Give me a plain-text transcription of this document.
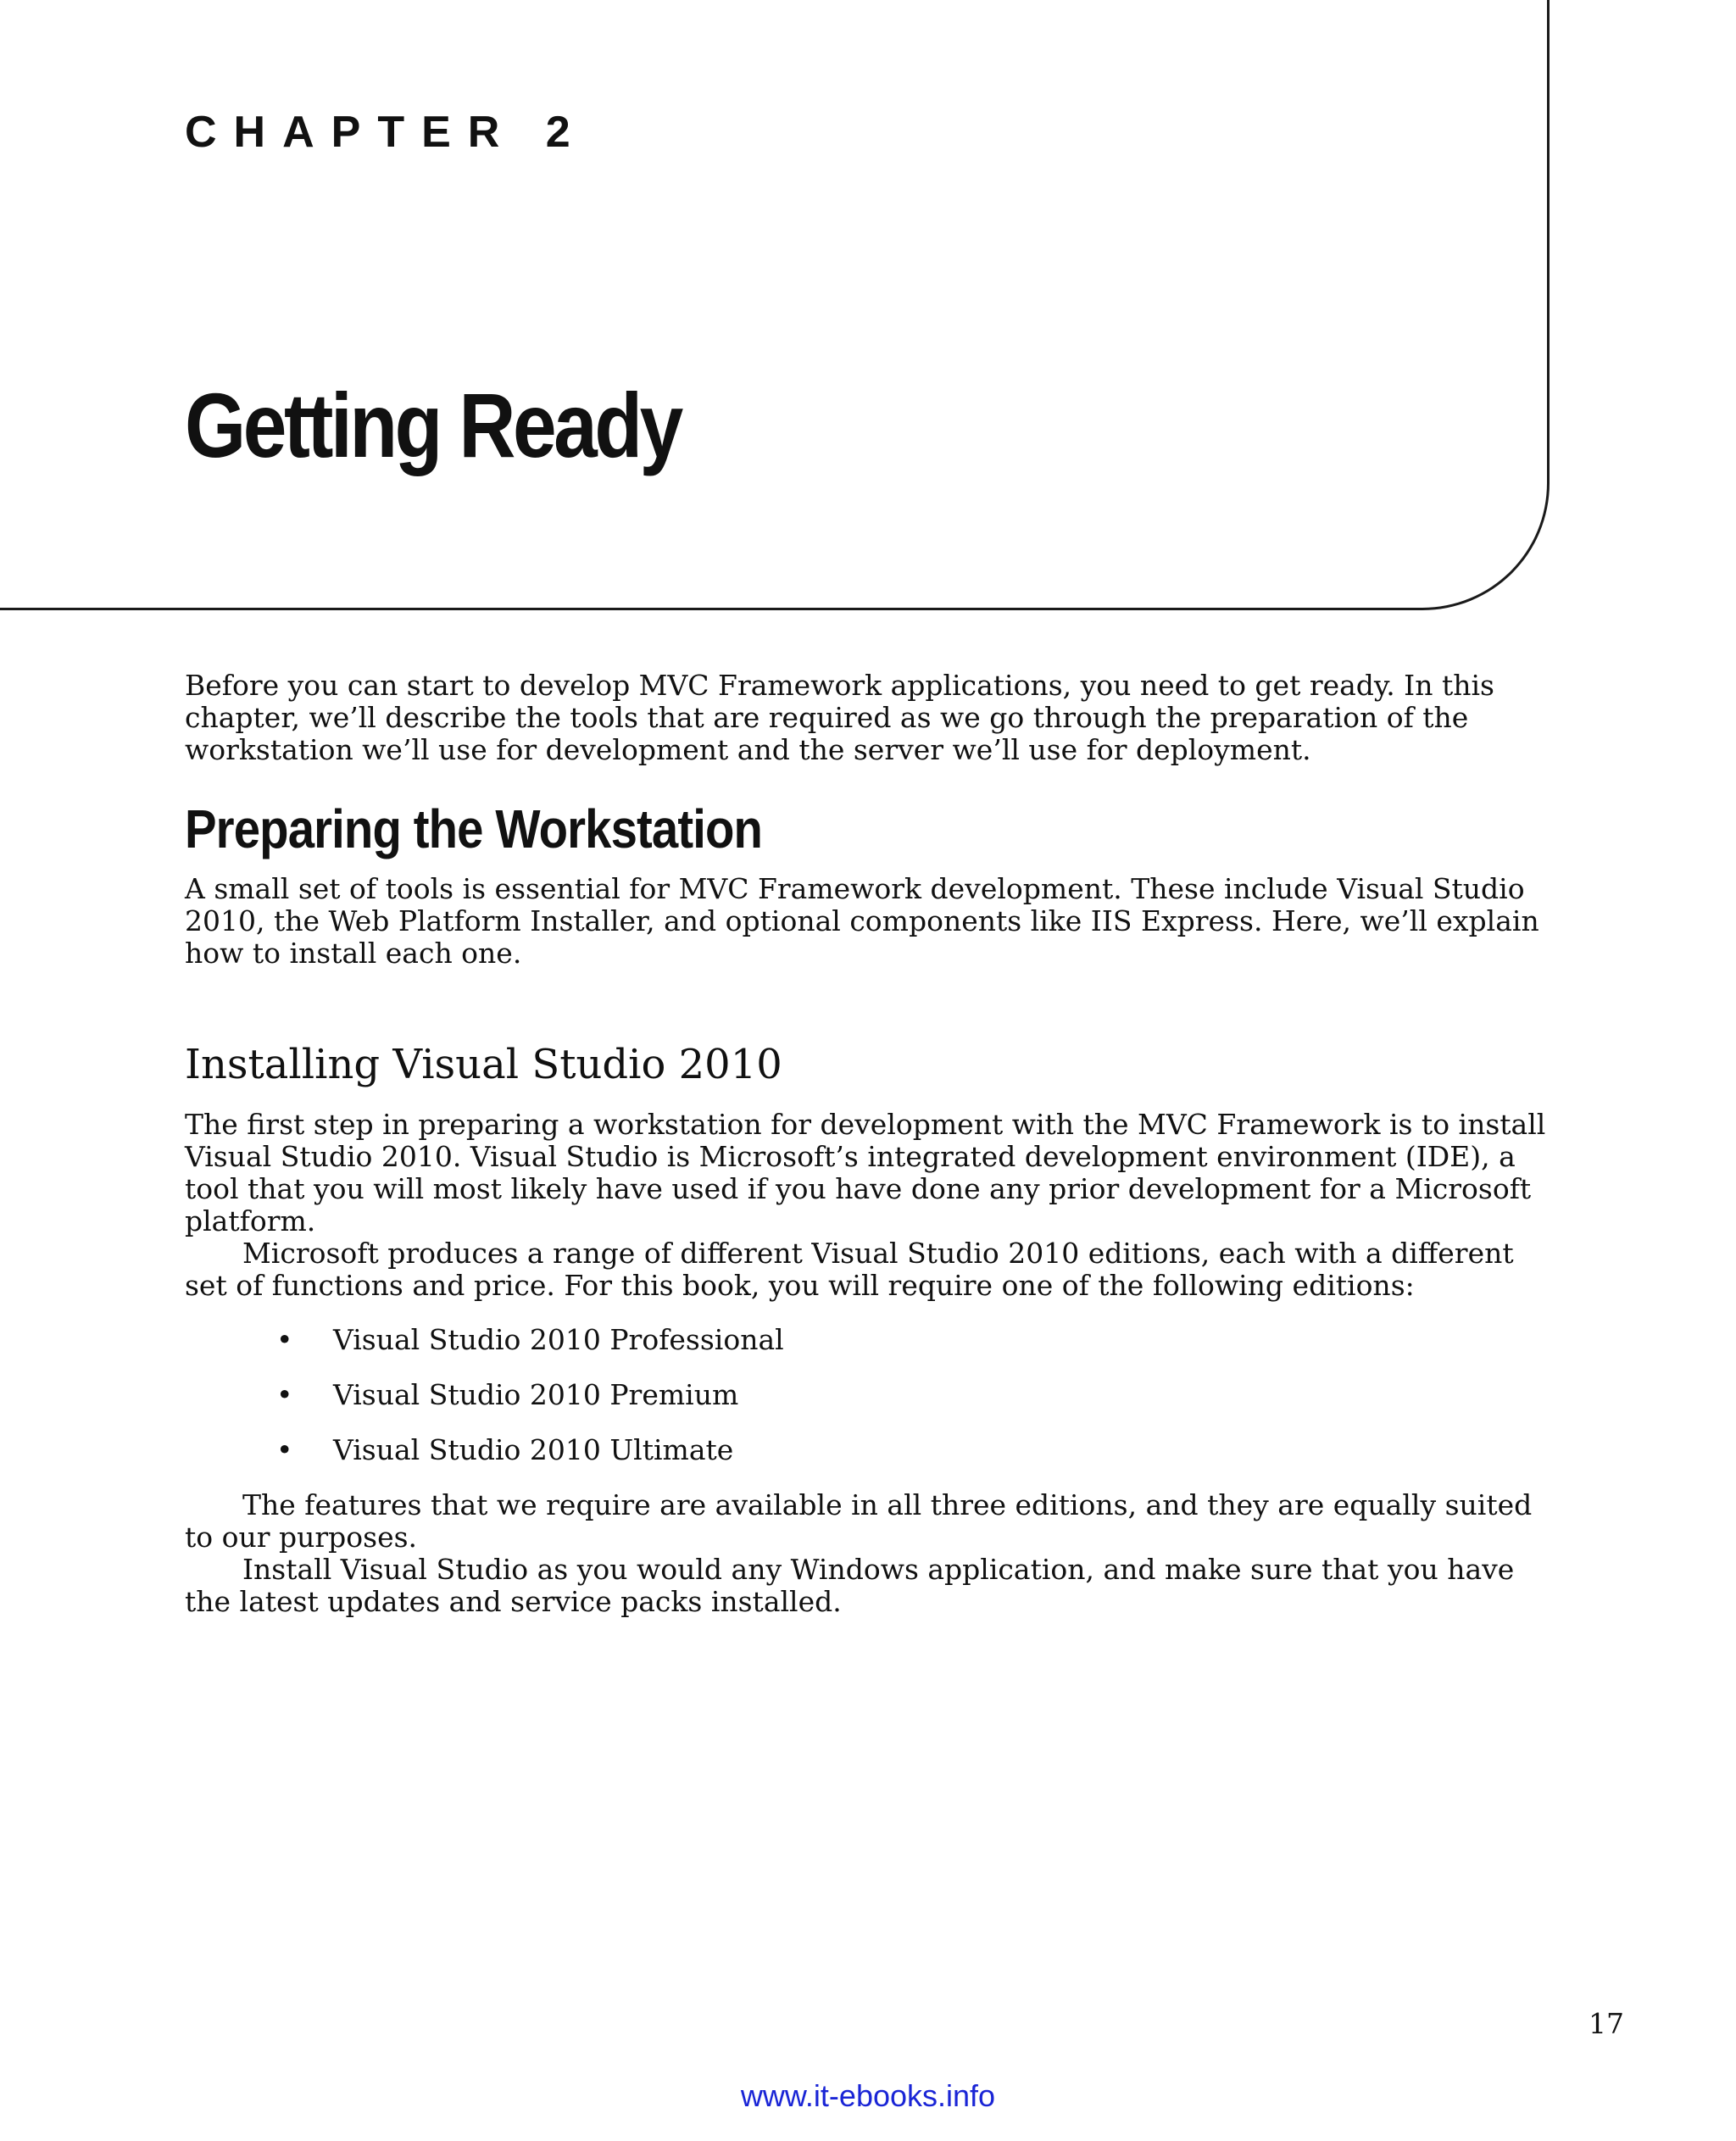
CHAPTER 2
Getting Ready

Before you can start to develop MVC Framework applications, you need to get ready. In this chapter, we’ll describe the tools that are required as we go through the preparation of the workstation we’ll use for development and the server we’ll use for deployment.

Preparing the Workstation

A small set of tools is essential for MVC Framework development. These include Visual Studio 2010, the Web Platform Installer, and optional components like IIS Express. Here, we’ll explain how to install each one.

Installing Visual Studio 2010

The first step in preparing a workstation for development with the MVC Framework is to install Visual Studio 2010. Visual Studio is Microsoft’s integrated development environment (IDE), a tool that you will most likely have used if you have done any prior development for a Microsoft platform.

Microsoft produces a range of different Visual Studio 2010 editions, each with a different set of functions and price. For this book, you will require one of the following editions:

• Visual Studio 2010 Professional
• Visual Studio 2010 Premium
• Visual Studio 2010 Ultimate

The features that we require are available in all three editions, and they are equally suited to our purposes.

Install Visual Studio as you would any Windows application, and make sure that you have the latest updates and service packs installed.

17

www.it-ebooks.info
